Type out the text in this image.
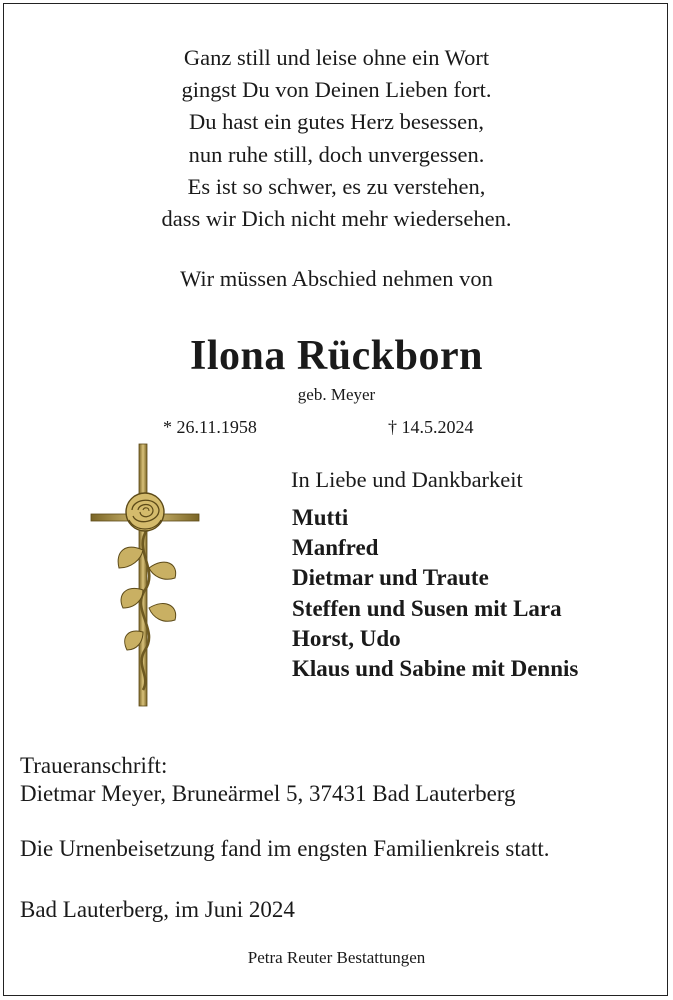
Ganz still und leise ohne ein Wort
gingst Du von Deinen Lieben fort.
Du hast ein gutes Herz besessen,
nun ruhe still, doch unvergessen.
Es ist so schwer, es zu verstehen,
dass wir Dich nicht mehr wiedersehen.
Wir müssen Abschied nehmen von
Ilona Rückborn
geb. Meyer
* 26.11.1958	† 14.5.2024
In Liebe und Dankbarkeit
Mutti
Manfred
Dietmar und Traute
Steffen und Susen mit Lara
Horst, Udo
Klaus und Sabine mit Dennis
Traueranschrift:
Dietmar Meyer, Bruneärmel 5, 37431 Bad Lauterberg
Die Urnenbeisetzung fand im engsten Familienkreis statt.
Bad Lauterberg, im Juni 2024
Petra Reuter Bestattungen
